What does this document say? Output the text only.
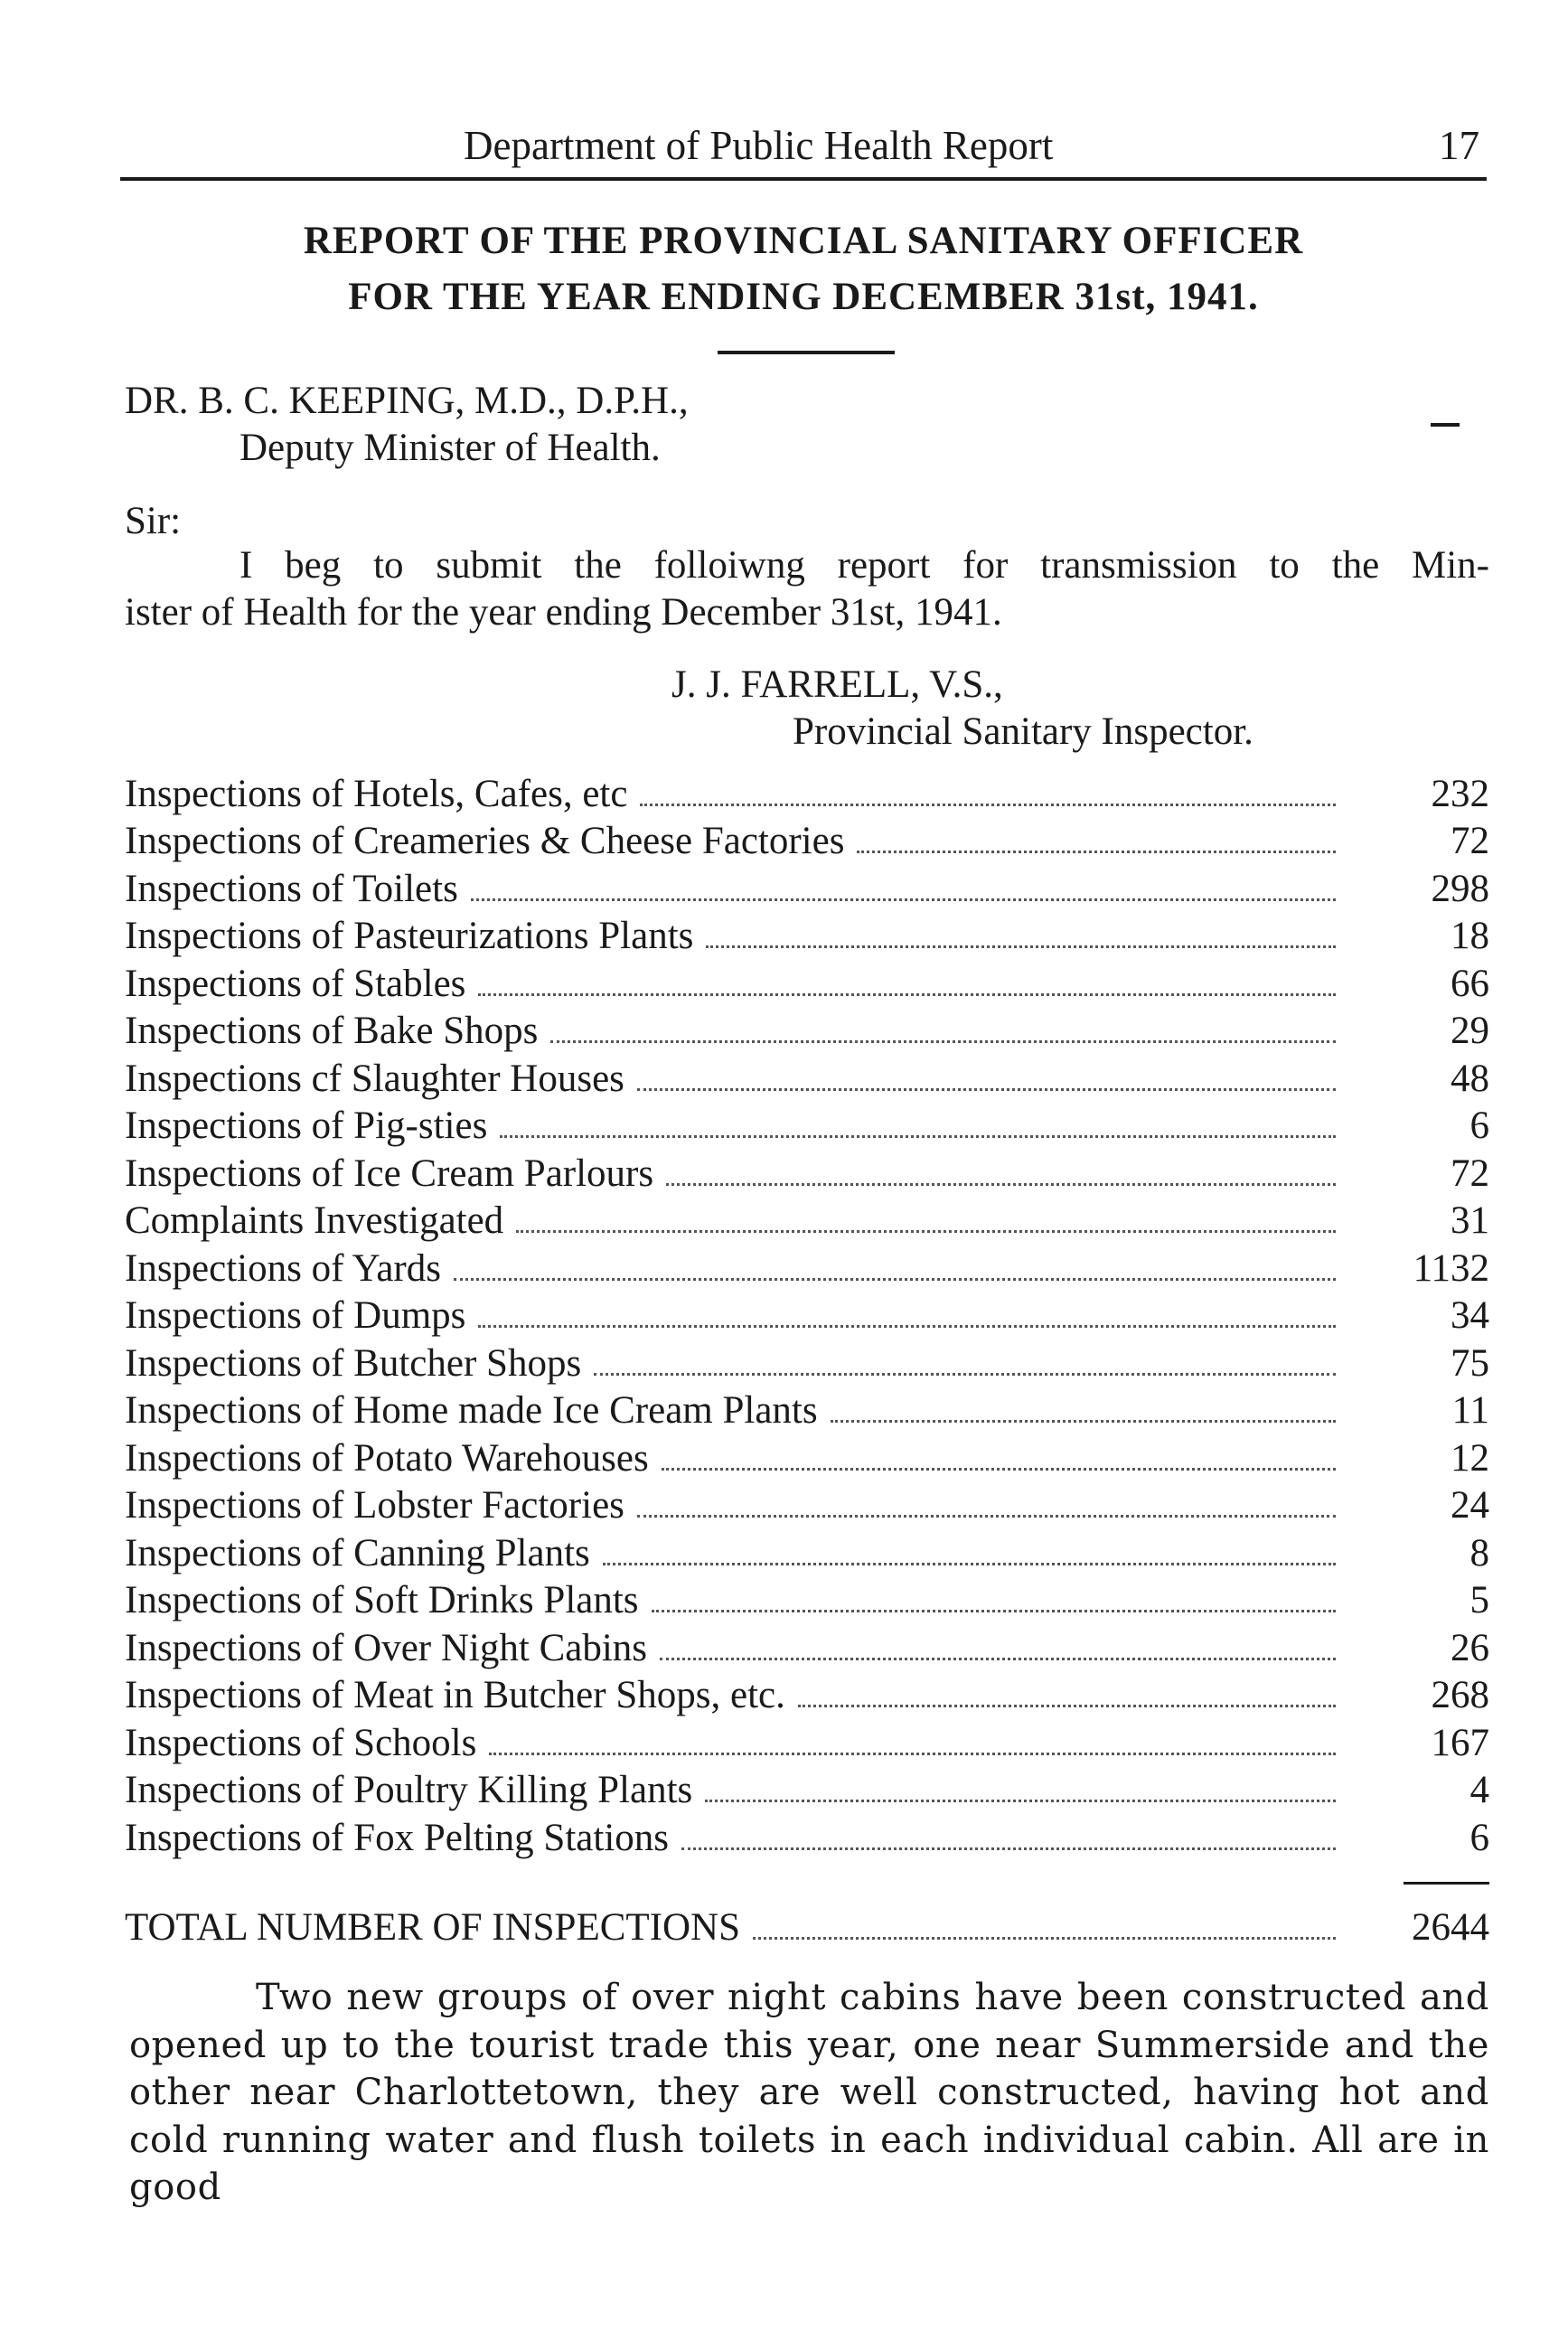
Department of Public Health Report	17
REPORT OF THE PROVINCIAL SANITARY OFFICER
FOR THE YEAR ENDING DECEMBER 31st, 1941.
DR. B. C. KEEPING, M.D., D.P.H.,
Deputy Minister of Health.
Sir:
I beg to submit the folloiwng report for transmission to the Min-
ister of Health for the year ending December 31st, 1941.
J. J. FARRELL, V.S.,
Provincial Sanitary Inspector.
Inspections of Hotels, Cafes, etc	232
Inspections of Creameries & Cheese Factories	72
Inspections of Toilets	298
Inspections of Pasteurizations Plants	18
Inspections of Stables	66
Inspections of Bake Shops	29
Inspections cf Slaughter Houses	48
Inspections of Pig-sties	6
Inspections of Ice Cream Parlours	72
Complaints Investigated	31
Inspections of Yards	1132
Inspections of Dumps	34
Inspections of Butcher Shops	75
Inspections of Home made Ice Cream Plants	11
Inspections of Potato Warehouses	12
Inspections of Lobster Factories	24
Inspections of Canning Plants	8
Inspections of Soft Drinks Plants	5
Inspections of Over Night Cabins	26
Inspections of Meat in Butcher Shops, etc.	268
Inspections of Schools	167
Inspections of Poultry Killing Plants	4
Inspections of Fox Pelting Stations	6
TOTAL NUMBER OF INSPECTIONS	2644
Two new groups of over night cabins have been constructed and opened up to the tourist trade this year, one near Summerside and the other near Charlottetown, they are well constructed, having hot and cold running water and flush toilets in each individual cabin. All are in good
